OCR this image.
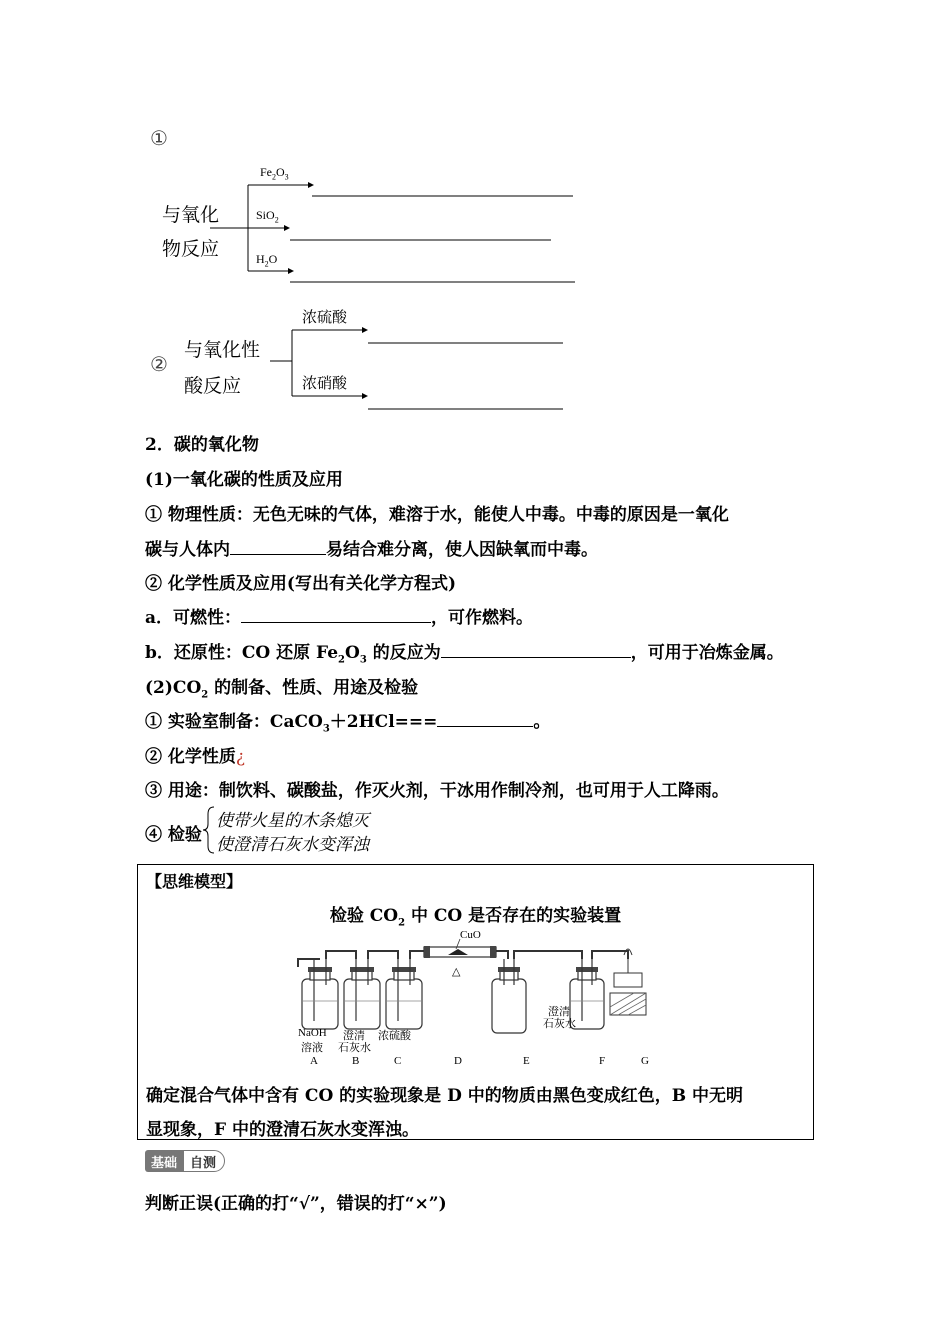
①
与氧化
物反应
$Fe_2O_3$
SiO$_2$
$H_2O$
②
与氧化性
酸反应
浓硫酸
浓硝酸
2．碳的氧化物
(1)一氧化碳的性质及应用
① 物理性质：无色无味的气体，难溶于水，能使人中毒。中毒的原因是一氧化
碳与人体内	易结合难分离，使人因缺氧而中毒。
② 化学性质及应用(写出有关化学方程式)
a．可燃性：	，可作燃料。
b．还原性：CO 还原 $Fe_2O_3$ 的反应为	，可用于冶炼金属。
$(2)CO_2$ 的制备、性质、用途及检验
① 实验室制备：CaCO$_3$＋2HCl===	。
② 化学性质¿
③ 用途：制饮料、碳酸盐，作灭火剂，干冰用作制冷剂，也可用于人工降雨。
④ 检验
使带火星的木条熄灭
使澄清石灰水变浑浊
【思维模型】
检验 $CO_2$ 中 CO 是否存在的实验装置
CuO
△
NaOH
溶液
澄清
石灰水
浓硫酸
澄清
石灰水
A	B	C	D	E	F	G
确定混合气体中含有 CO 的实验现象是 D 中的物质由黑色变成红色，B 中无明
显现象，F 中的澄清石灰水变浑浊。
基础	自测
判断正误(正确的打“√”，错误的打“×”)
